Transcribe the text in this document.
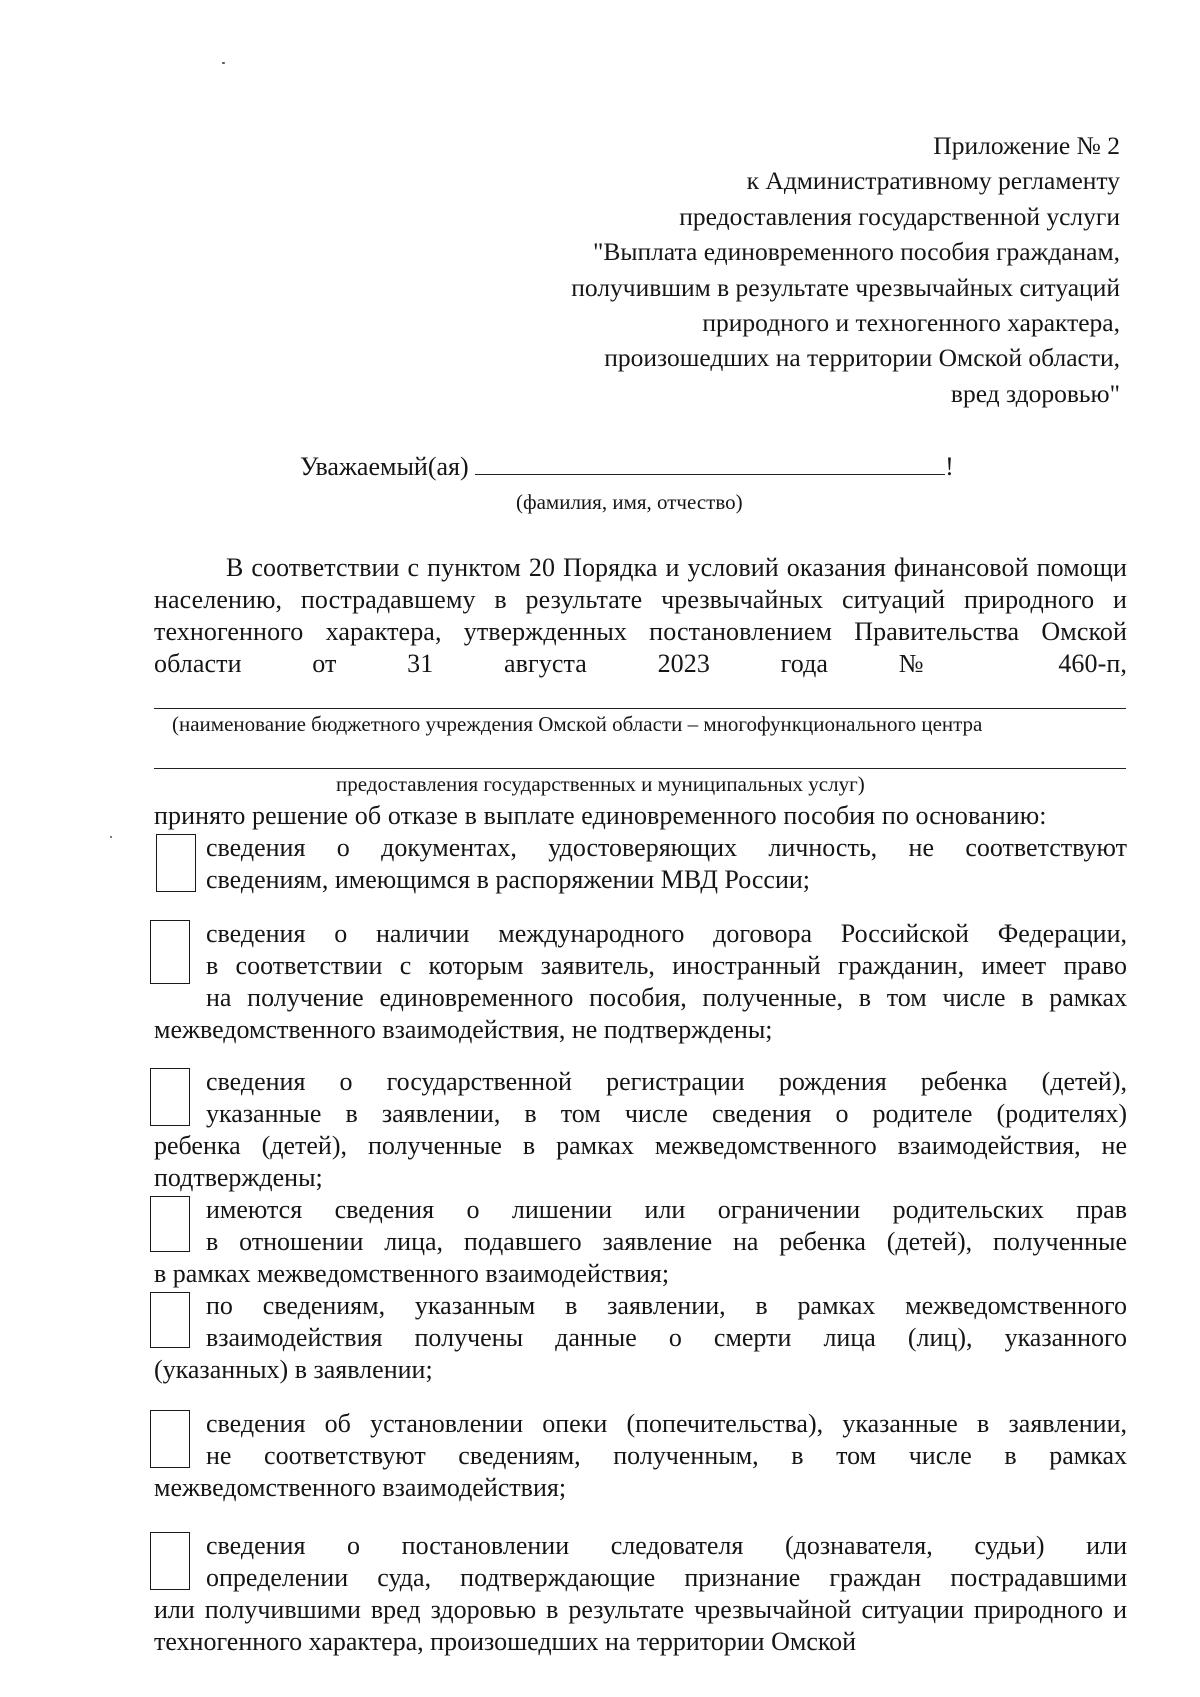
Приложение № 2
к Административному регламенту
предоставления государственной услуги
"Выплата единовременного пособия гражданам,
получившим в результате чрезвычайных ситуаций
природного и техногенного характера,
произошедших на территории Омской области,
вред здоровью"
Уважаемый(ая)	!
(фамилия, имя, отчество)
В соответствии с пунктом 20 Порядка и условий оказания финансовой помощи населению, пострадавшему в результате чрезвычайных ситуаций природного и техногенного характера, утвержденных постановлением Правительства Омской области от 31 августа 2023 года № 460-п,
(наименование бюджетного учреждения Омской области – многофункционального центра
предоставления государственных и муниципальных услуг)
принято решение об отказе в выплате единовременного пособия по основанию:
сведения о документах, удостоверяющих личность, не соответствуют
сведениям, имеющимся в распоряжении МВД России;
сведения о наличии международного договора Российской Федерации,
в соответствии с которым заявитель, иностранный гражданин, имеет право
на получение единовременного пособия, полученные, в том числе в рамках
межведомственного взаимодействия, не подтверждены;
сведения о государственной регистрации рождения ребенка (детей),
указанные в заявлении, в том числе сведения о родителе (родителях)
ребенка (детей), полученные в рамках межведомственного взаимодействия, не подтверждены;
имеются сведения о лишении или ограничении родительских прав
в отношении лица, подавшего заявление на ребенка (детей), полученные
в рамках межведомственного взаимодействия;
по сведениям, указанным в заявлении, в рамках межведомственного
взаимодействия получены данные о смерти лица (лиц), указанного
(указанных) в заявлении;
сведения об установлении опеки (попечительства), указанные в заявлении,
не соответствуют сведениям, полученным, в том числе в рамках
межведомственного взаимодействия;
сведения о постановлении следователя (дознавателя, судьи) или
определении суда, подтверждающие признание граждан пострадавшими
или получившими вред здоровью в результате чрезвычайной ситуации природного и техногенного характера, произошедших на территории Омской
